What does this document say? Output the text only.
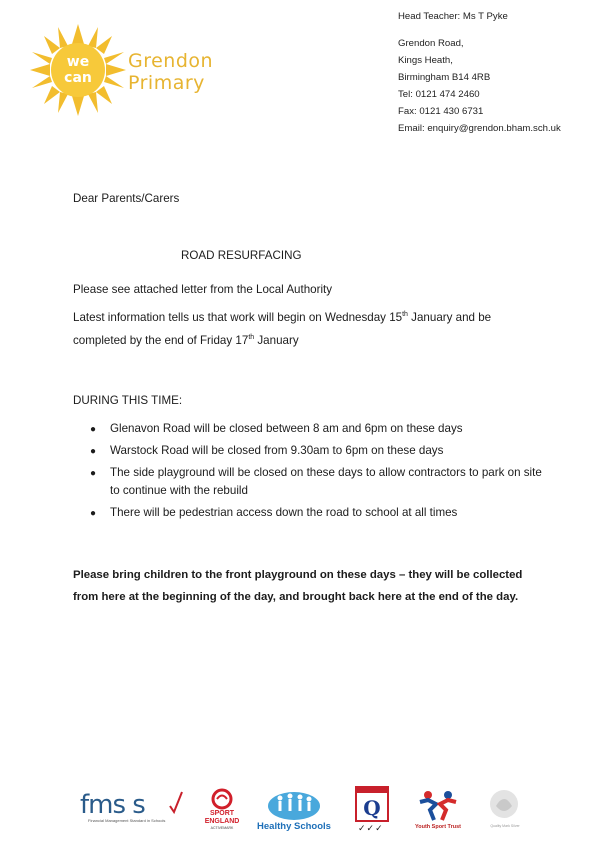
we
can
Grendon
Primary
Head Teacher: Ms T Pyke
Grendon Road,
Kings Heath,
Birmingham B14 4RB
Tel: 0121 474 2460
Fax: 0121 430 6731
Email: enquiry@grendon.bham.sch.uk
Dear Parents/Carers
ROAD RESURFACING
Please see attached letter from the Local Authority
Latest information tells us that work will begin on Wednesday 15th January and be completed by the end of Friday 17th January
DURING THIS TIME:
● Glenavon Road will be closed between 8 am and 6pm on these days
● Warstock Road will be closed from 9.30am to 6pm on these days
● The side playground will be closed on these days to allow contractors to park on site to continue with the rebuild
● There will be pedestrian access down the road to school at all times
Please bring children to the front playground on these days – they will be collected from here at the beginning of the day, and brought back here at the end of the day.
fms s
Financial Management Standard in Schools
SPORT
ENGLAND
ACTIVEMARK	Healthy Schools
Q
✓✓✓	Youth Sport Trust	Quality Mark Silver
